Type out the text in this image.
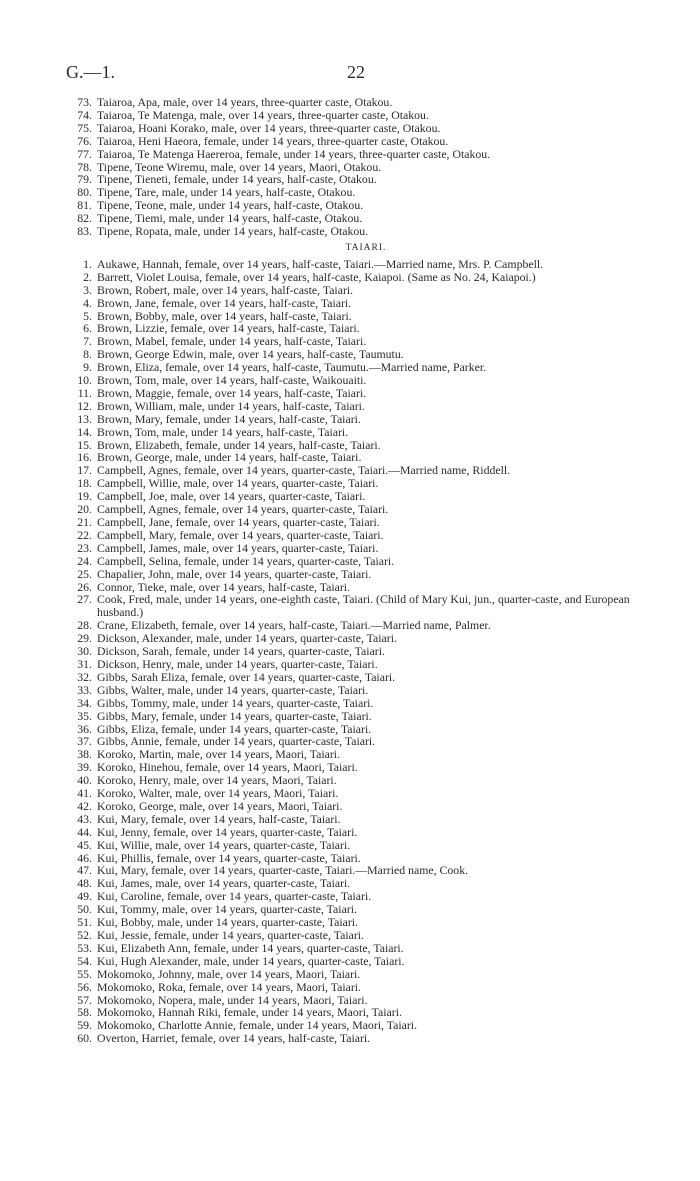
G.—1.	22
73. Taiaroa, Apa, male, over 14 years, three-quarter caste, Otakou.
74. Taiaroa, Te Matenga, male, over 14 years, three-quarter caste, Otakou.
75. Taiaroa, Hoani Korako, male, over 14 years, three-quarter caste, Otakou.
76. Taiaroa, Heni Haeora, female, under 14 years, three-quarter caste, Otakou.
77. Taiaroa, Te Matenga Haereroa, female, under 14 years, three-quarter caste, Otakou.
78. Tipene, Teone Wiremu, male, over 14 years, Maori, Otakou.
79. Tipene, Tieneti, female, under 14 years, half-caste, Otakou.
80. Tipene, Tare, male, under 14 years, half-caste, Otakou.
81. Tipene, Teone, male, under 14 years, half-caste, Otakou.
82. Tipene, Tiemi, male, under 14 years, half-caste, Otakou.
83. Tipene, Ropata, male, under 14 years, half-caste, Otakou.
TAIARI.
1. Aukawe, Hannah, female, over 14 years, half-caste, Taiari.—Married name, Mrs. P. Campbell.
2. Barrett, Violet Louisa, female, over 14 years, half-caste, Kaiapoi. (Same as No. 24, Kaiapoi.)
3. Brown, Robert, male, over 14 years, half-caste, Taiari.
4. Brown, Jane, female, over 14 years, half-caste, Taiari.
5. Brown, Bobby, male, over 14 years, half-caste, Taiari.
6. Brown, Lizzie, female, over 14 years, half-caste, Taiari.
7. Brown, Mabel, female, under 14 years, half-caste, Taiari.
8. Brown, George Edwin, male, over 14 years, half-caste, Taumutu.
9. Brown, Eliza, female, over 14 years, half-caste, Taumutu.—Married name, Parker.
10. Brown, Tom, male, over 14 years, half-caste, Waikouaiti.
11. Brown, Maggie, female, over 14 years, half-caste, Taiari.
12. Brown, William, male, under 14 years, half-caste, Taiari.
13. Brown, Mary, female, under 14 years, half-caste, Taiari.
14. Brown, Tom, male, under 14 years, half-caste, Taiari.
15. Brown, Elizabeth, female, under 14 years, half-caste, Taiari.
16. Brown, George, male, under 14 years, half-caste, Taiari.
17. Campbell, Agnes, female, over 14 years, quarter-caste, Taiari.—Married name, Riddell.
18. Campbell, Willie, male, over 14 years, quarter-caste, Taiari.
19. Campbell, Joe, male, over 14 years, quarter-caste, Taiari.
20. Campbell, Agnes, female, over 14 years, quarter-caste, Taiari.
21. Campbell, Jane, female, over 14 years, quarter-caste, Taiari.
22. Campbell, Mary, female, over 14 years, quarter-caste, Taiari.
23. Campbell, James, male, over 14 years, quarter-caste, Taiari.
24. Campbell, Selina, female, under 14 years, quarter-caste, Taiari.
25. Chapalier, John, male, over 14 years, quarter-caste, Taiari.
26. Connor, Tieke, male, over 14 years, half-caste, Taiari.
27. Cook, Fred, male, under 14 years, one-eighth caste, Taiari. (Child of Mary Kui, jun., quarter-caste, and European husband.)
28. Crane, Elizabeth, female, over 14 years, half-caste, Taiari.—Married name, Palmer.
29. Dickson, Alexander, male, under 14 years, quarter-caste, Taiari.
30. Dickson, Sarah, female, under 14 years, quarter-caste, Taiari.
31. Dickson, Henry, male, under 14 years, quarter-caste, Taiari.
32. Gibbs, Sarah Eliza, female, over 14 years, quarter-caste, Taiari.
33. Gibbs, Walter, male, under 14 years, quarter-caste, Taiari.
34. Gibbs, Tommy, male, under 14 years, quarter-caste, Taiari.
35. Gibbs, Mary, female, under 14 years, quarter-caste, Taiari.
36. Gibbs, Eliza, female, under 14 years, quarter-caste, Taiari.
37. Gibbs, Annie, female, under 14 years, quarter-caste, Taiari.
38. Koroko, Martin, male, over 14 years, Maori, Taiari.
39. Koroko, Hinehou, female, over 14 years, Maori, Taiari.
40. Koroko, Henry, male, over 14 years, Maori, Taiari.
41. Koroko, Walter, male, over 14 years, Maori, Taiari.
42. Koroko, George, male, over 14 years, Maori, Taiari.
43. Kui, Mary, female, over 14 years, half-caste, Taiari.
44. Kui, Jenny, female, over 14 years, quarter-caste, Taiari.
45. Kui, Willie, male, over 14 years, quarter-caste, Taiari.
46. Kui, Phillis, female, over 14 years, quarter-caste, Taiari.
47. Kui, Mary, female, over 14 years, quarter-caste, Taiari.—Married name, Cook.
48. Kui, James, male, over 14 years, quarter-caste, Taiari.
49. Kui, Caroline, female, over 14 years, quarter-caste, Taiari.
50. Kui, Tommy, male, over 14 years, quarter-caste, Taiari.
51. Kui, Bobby, male, under 14 years, quarter-caste, Taiari.
52. Kui, Jessie, female, under 14 years, quarter-caste, Taiari.
53. Kui, Elizabeth Ann, female, under 14 years, quarter-caste, Taiari.
54. Kui, Hugh Alexander, male, under 14 years, quarter-caste, Taiari.
55. Mokomoko, Johnny, male, over 14 years, Maori, Taiari.
56. Mokomoko, Roka, female, over 14 years, Maori, Taiari.
57. Mokomoko, Nopera, male, under 14 years, Maori, Taiari.
58. Mokomoko, Hannah Riki, female, under 14 years, Maori, Taiari.
59. Mokomoko, Charlotte Annie, female, under 14 years, Maori, Taiari.
60. Overton, Harriet, female, over 14 years, half-caste, Taiari.
